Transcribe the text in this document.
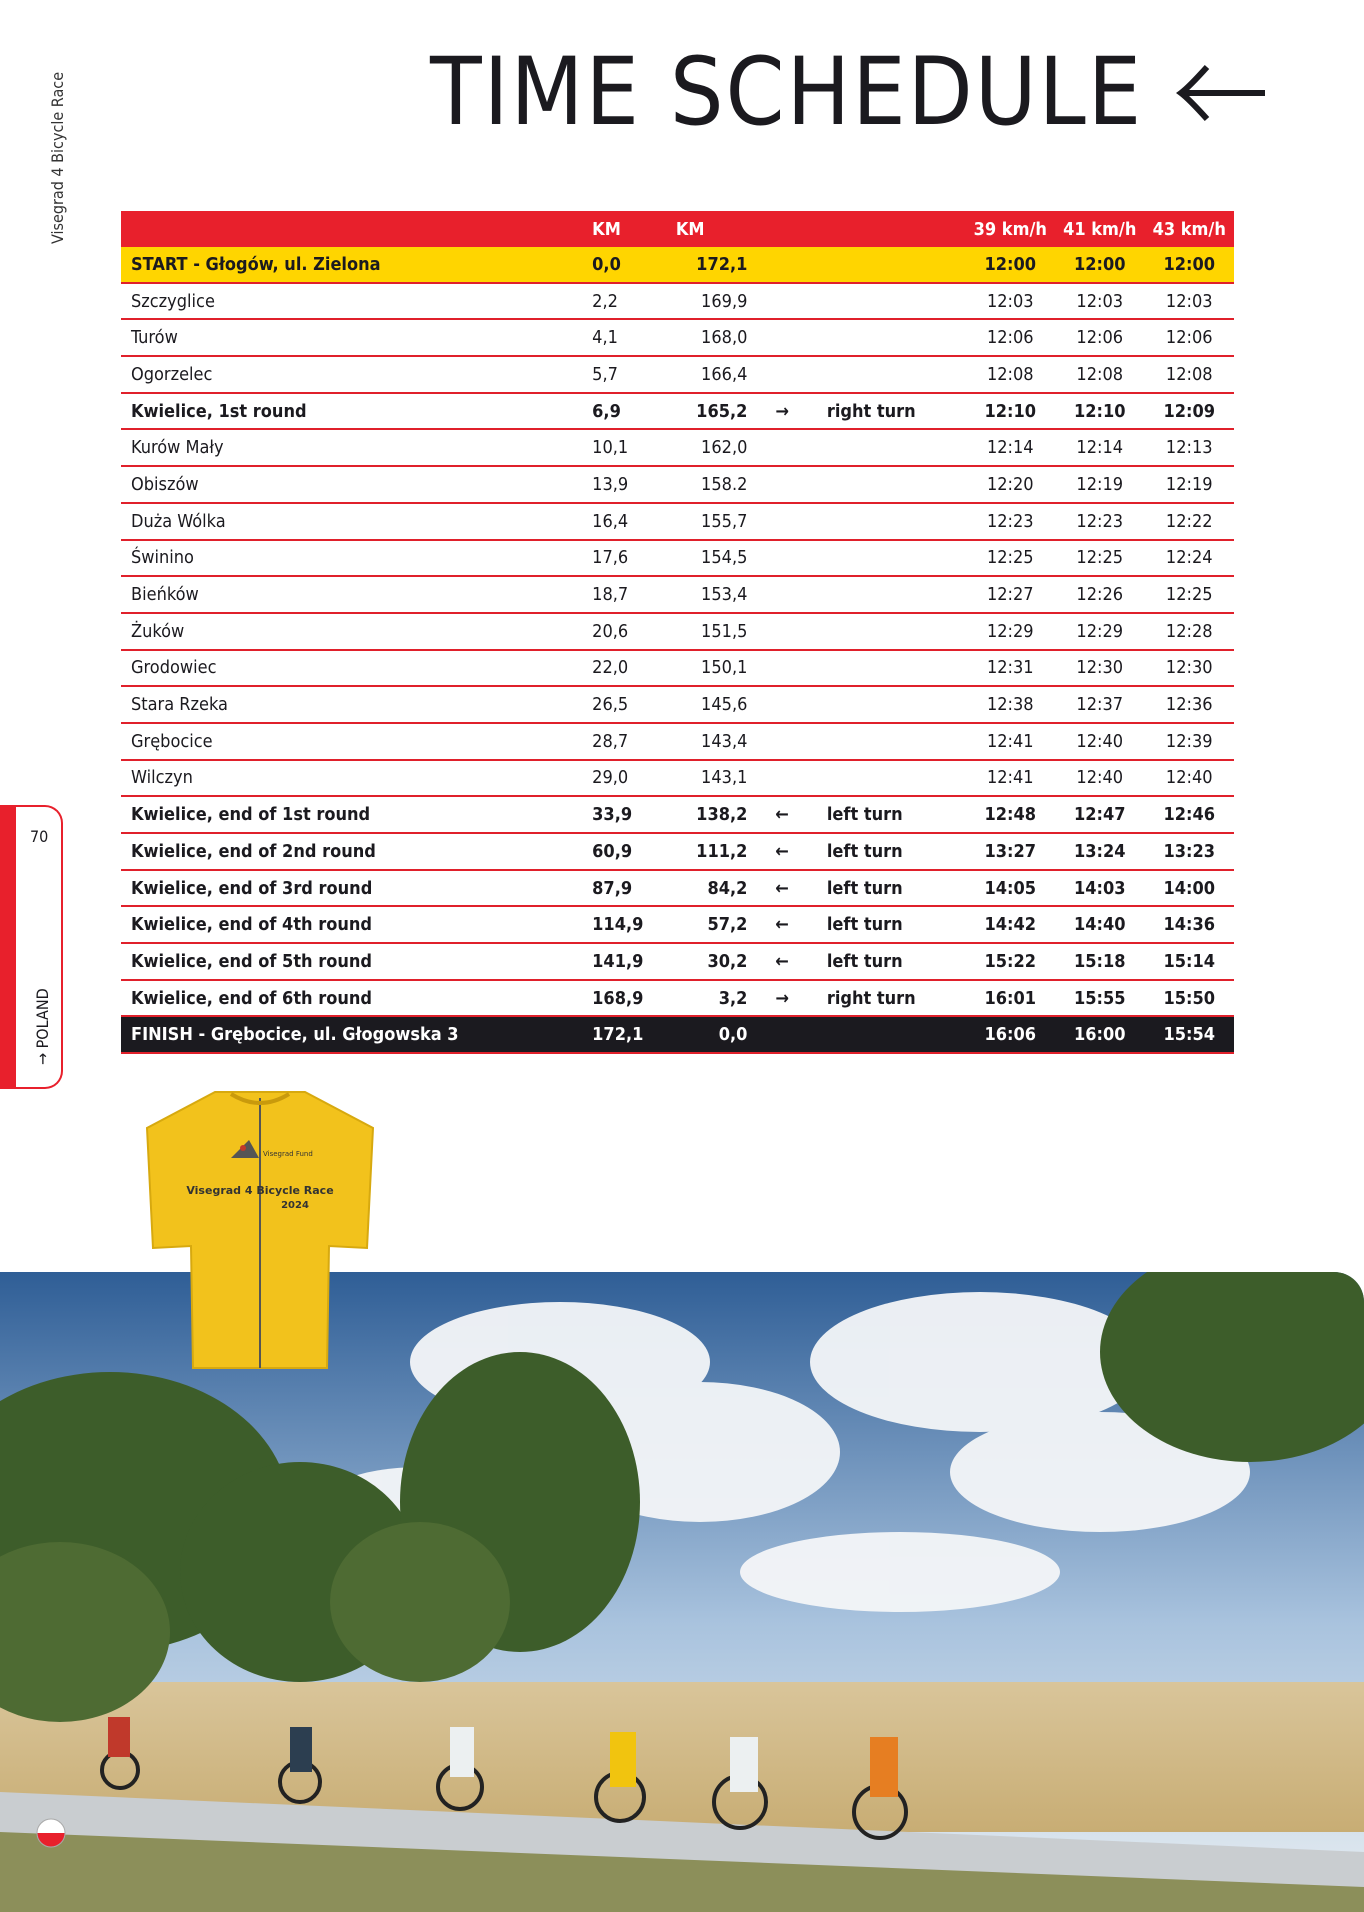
Visegrad 4 Bicycle Race	TIME SCHEDULE
	KM	KM			39 km/h	41 km/h	43 km/h
START - Głogów, ul. Zielona	0,0	172,1			12:00	12:00	12:00
Szczyglice	2,2	169,9			12:03	12:03	12:03
Turów	4,1	168,0			12:06	12:06	12:06
Ogorzelec	5,7	166,4			12:08	12:08	12:08
Kwielice, 1st round	6,9	165,2	→	right turn	12:10	12:10	12:09
Kurów Mały	10,1	162,0			12:14	12:14	12:13
Obiszów	13,9	158.2			12:20	12:19	12:19
Duża Wólka	16,4	155,7			12:23	12:23	12:22
Świnino	17,6	154,5			12:25	12:25	12:24
Bieńków	18,7	153,4			12:27	12:26	12:25
Żuków	20,6	151,5			12:29	12:29	12:28
Grodowiec	22,0	150,1			12:31	12:30	12:30
Stara Rzeka	26,5	145,6			12:38	12:37	12:36
Grębocice	28,7	143,4			12:41	12:40	12:39
Wilczyn	29,0	143,1			12:41	12:40	12:40
Kwielice, end of 1st round	33,9	138,2	←	left turn	12:48	12:47	12:46
Kwielice, end of 2nd round	60,9	111,2	←	left turn	13:27	13:24	13:23
Kwielice, end of 3rd round	87,9	84,2	←	left turn	14:05	14:03	14:00
Kwielice, end of 4th round	114,9	57,2	←	left turn	14:42	14:40	14:36
Kwielice, end of 5th round	141,9	30,2	←	left turn	15:22	15:18	15:14
Kwielice, end of 6th round	168,9	3,2	→	right turn	16:01	15:55	15:50
FINISH - Grębocice, ul. Głogowska 3	172,1	0,0			16:06	16:00	15:54
70
→ POLAND
Visegrad Fund
Visegrad 4 Bicycle Race
2024
